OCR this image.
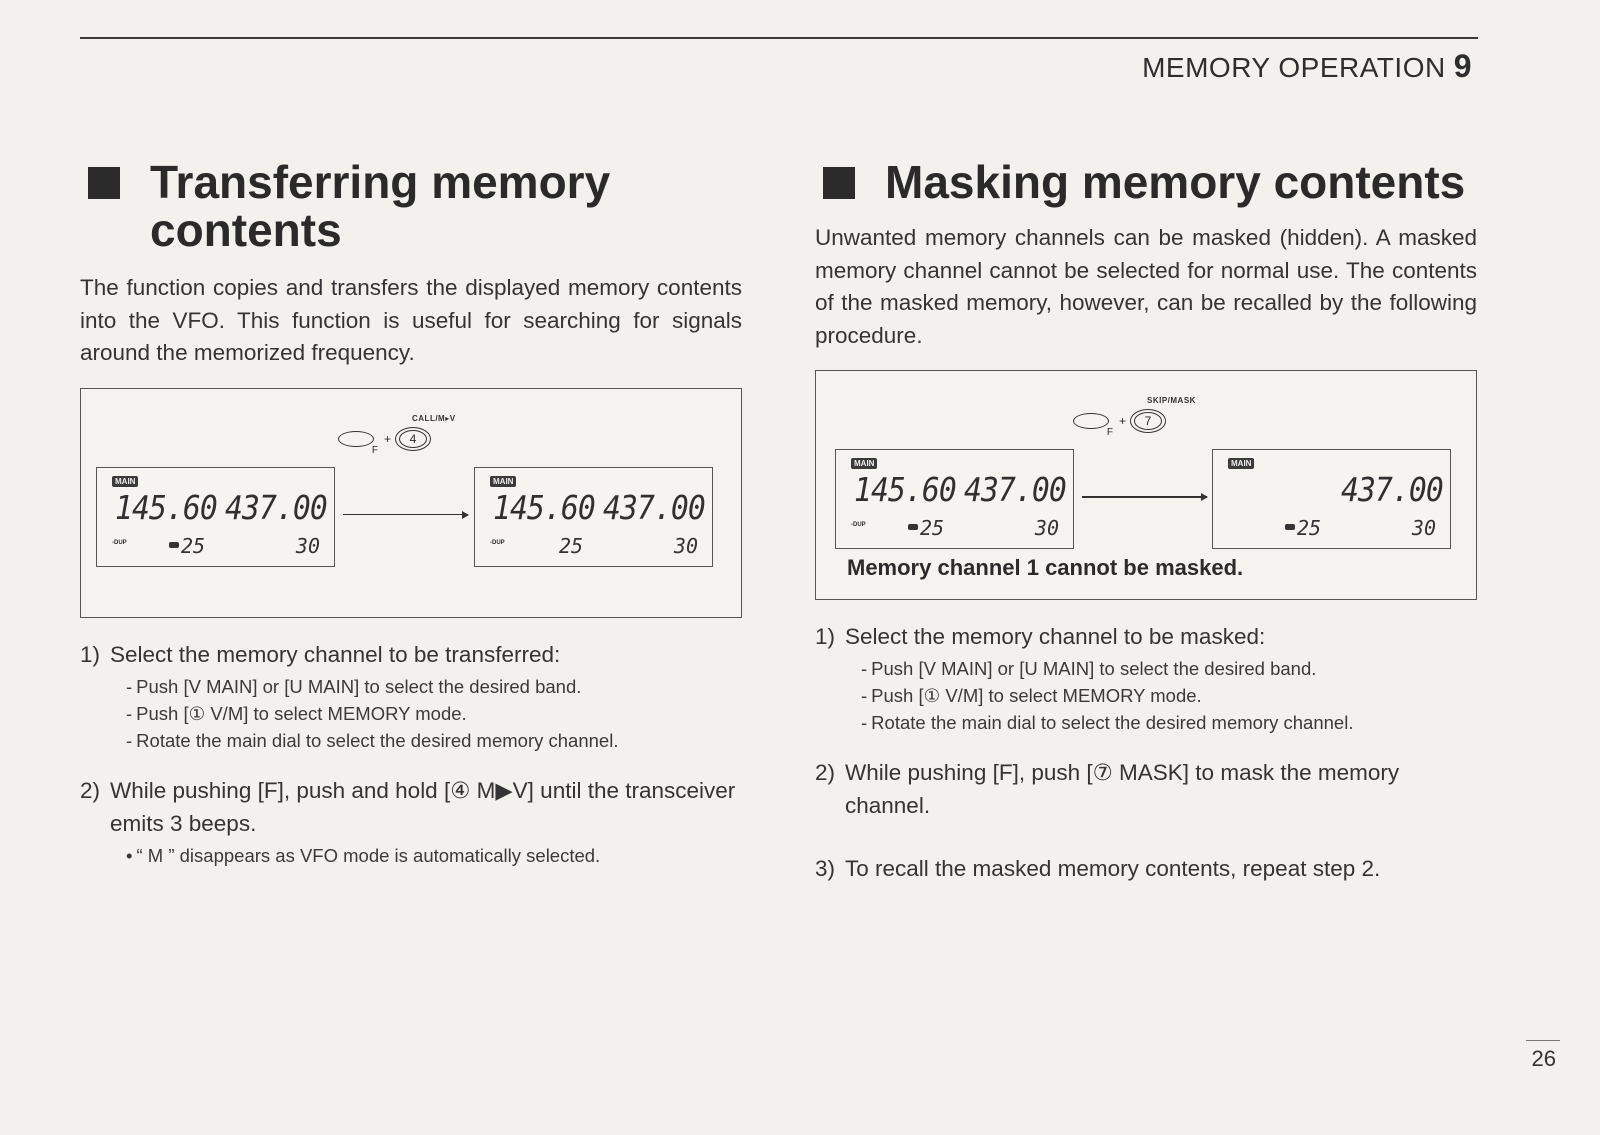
MEMORY OPERATION 9
Transferring memory
contents
The function copies and transfers the displayed memory contents into the VFO. This function is useful for searching for signals around the memorized frequency.
CALL/M▸V
F
+	4
MAIN
145.60 437.00
-DUP	25	30
MAIN
145.60 437.00
-DUP	25	30
1) Select the memory channel to be transferred:
- Push [V MAIN] or [U MAIN] to select the desired band.
- Push [① V/M] to select MEMORY mode.
- Rotate the main dial to select the desired memory channel.
2) While pushing [F], push and hold [④ M▶V] until the transceiver emits 3 beeps.
• “ M ” disappears as VFO mode is automatically selected.
Masking memory contents
Unwanted memory channels can be masked (hidden). A masked memory channel cannot be selected for normal use. The contents of the masked memory, however, can be recalled by the following procedure.
SKIP/MASK
F
+	7
MAIN
145.60 437.00
-DUP	25	30
MAIN
437.00
25	30
Memory channel 1 cannot be masked.
1) Select the memory channel to be masked:
- Push [V MAIN] or [U MAIN] to select the desired band.
- Push [① V/M] to select MEMORY mode.
- Rotate the main dial to select the desired memory channel.
2) While pushing [F], push [⑦ MASK] to mask the memory channel.
3) To recall the masked memory contents, repeat step 2.
26
